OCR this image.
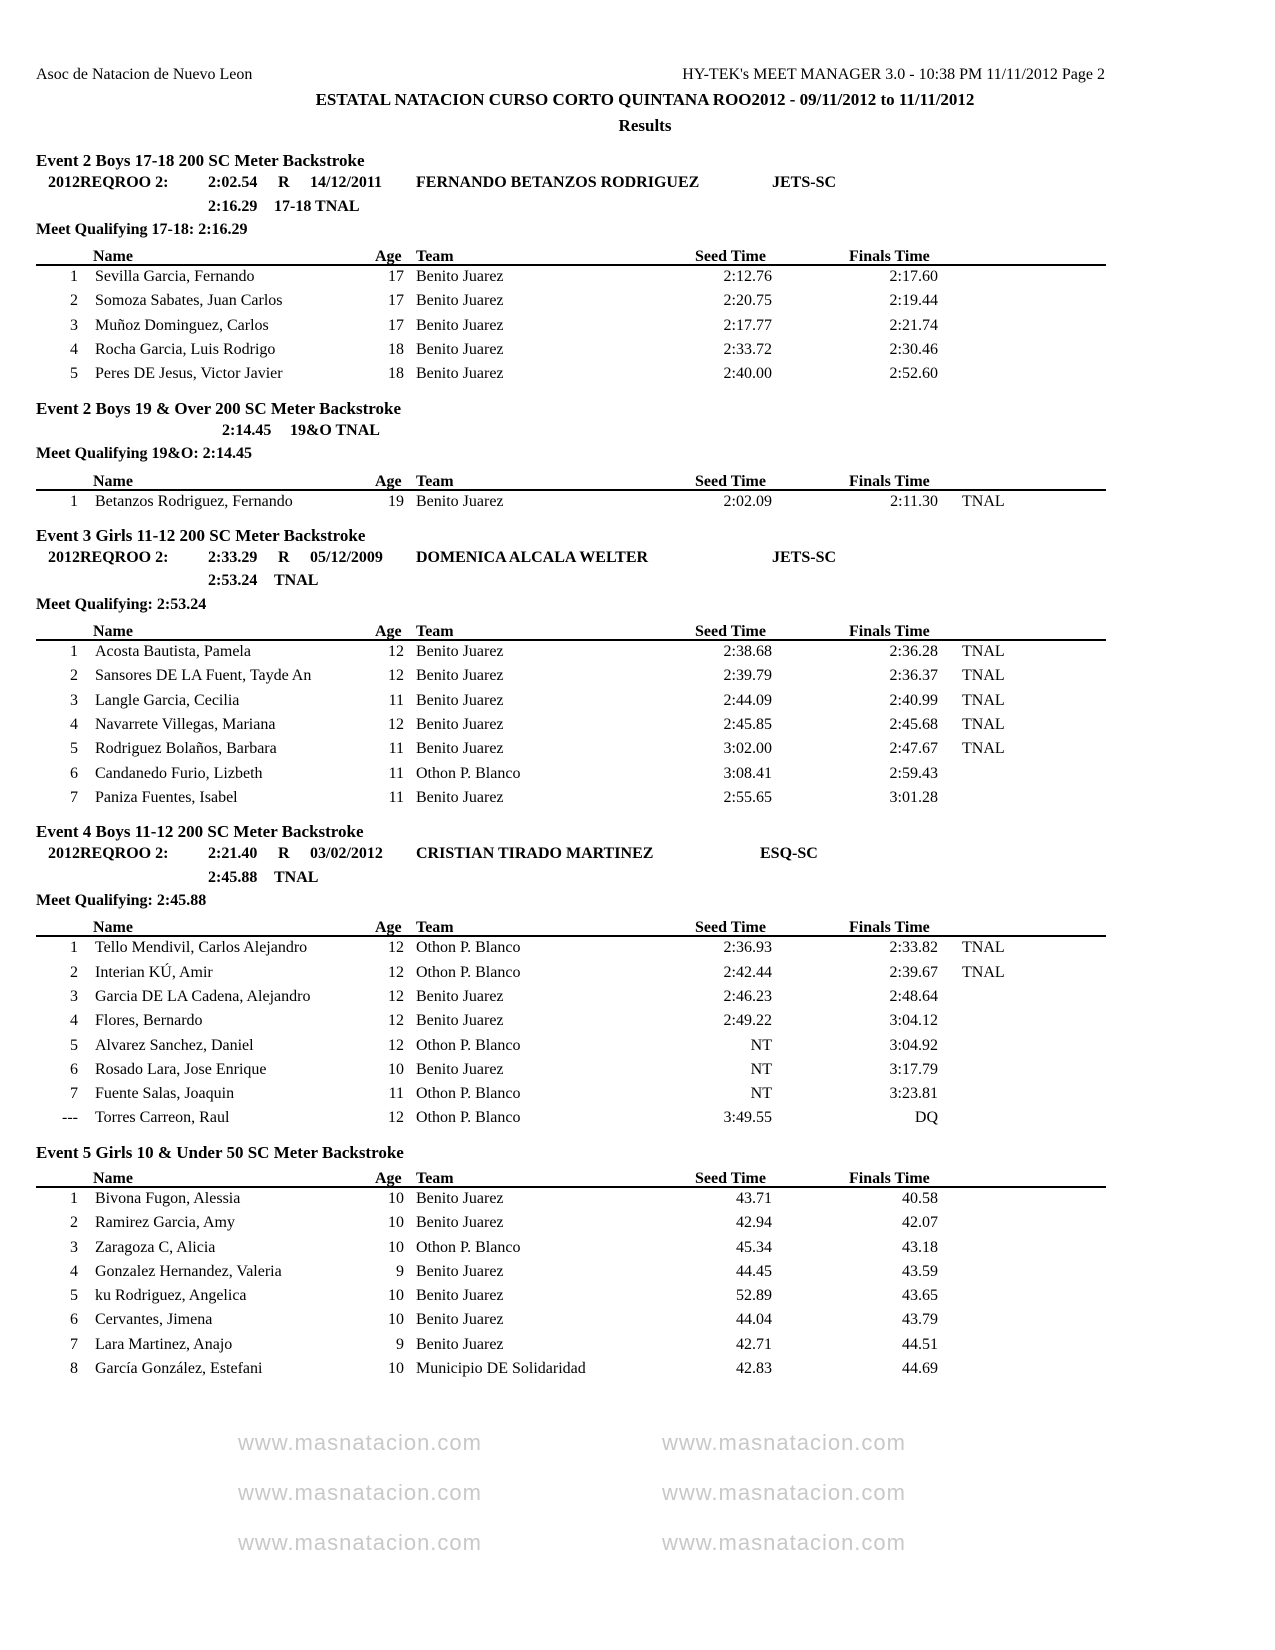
Asoc de Natacion de Nuevo Leon	HY-TEK's MEET MANAGER 3.0 - 10:38 PM 11/11/2012 Page 2
ESTATAL NATACION CURSO CORTO QUINTANA ROO2012 - 09/11/2012 to 11/11/2012
Results
Event 2 Boys 17-18 200 SC Meter Backstroke
2012REQROO 2: 2:02.54 R 14/12/2011 FERNANDO BETANZOS RODRIGUEZ	JETS-SC
2:16.29 17-18 TNAL
Meet Qualifying 17-18: 2:16.29
Name	Age Team	Seed Time	Finals Time
1 Sevilla Garcia, Fernando	17 Benito Juarez	2:12.76	2:17.60
2 Somoza Sabates, Juan Carlos	17 Benito Juarez	2:20.75	2:19.44
3 Muñoz Dominguez, Carlos	17 Benito Juarez	2:17.77	2:21.74
4 Rocha Garcia, Luis Rodrigo	18 Benito Juarez	2:33.72	2:30.46
5 Peres DE Jesus, Victor Javier	18 Benito Juarez	2:40.00	2:52.60
Event 2 Boys 19 & Over 200 SC Meter Backstroke
2:14.45 19&O TNAL
Meet Qualifying 19&O: 2:14.45
Name	Age Team	Seed Time	Finals Time
1 Betanzos Rodriguez, Fernando	19 Benito Juarez	2:02.09	2:11.30 TNAL
Event 3 Girls 11-12 200 SC Meter Backstroke
2012REQROO 2: 2:33.29 R 05/12/2009 DOMENICA ALCALA WELTER	JETS-SC
2:53.24 TNAL
Meet Qualifying: 2:53.24
Name	Age Team	Seed Time	Finals Time
1 Acosta Bautista, Pamela	12 Benito Juarez	2:38.68	2:36.28 TNAL
2 Sansores DE LA Fuent, Tayde An	12 Benito Juarez	2:39.79	2:36.37 TNAL
3 Langle Garcia, Cecilia	11 Benito Juarez	2:44.09	2:40.99 TNAL
4 Navarrete Villegas, Mariana	12 Benito Juarez	2:45.85	2:45.68 TNAL
5 Rodriguez Bolaños, Barbara	11 Benito Juarez	3:02.00	2:47.67 TNAL
6 Candanedo Furio, Lizbeth	11 Othon P. Blanco	3:08.41	2:59.43
7 Paniza Fuentes, Isabel	11 Benito Juarez	2:55.65	3:01.28
Event 4 Boys 11-12 200 SC Meter Backstroke
2012REQROO 2: 2:21.40 R 03/02/2012 CRISTIAN TIRADO MARTINEZ	ESQ-SC
2:45.88 TNAL
Meet Qualifying: 2:45.88
Name	Age Team	Seed Time	Finals Time
1 Tello Mendivil, Carlos Alejandro	12 Othon P. Blanco	2:36.93	2:33.82 TNAL
2 Interian KÚ, Amir	12 Othon P. Blanco	2:42.44	2:39.67 TNAL
3 Garcia DE LA Cadena, Alejandro	12 Benito Juarez	2:46.23	2:48.64
4 Flores, Bernardo	12 Benito Juarez	2:49.22	3:04.12
5 Alvarez Sanchez, Daniel	12 Othon P. Blanco	NT	3:04.92
6 Rosado Lara, Jose Enrique	10 Benito Juarez	NT	3:17.79
7 Fuente Salas, Joaquin	11 Othon P. Blanco	NT	3:23.81
--- Torres Carreon, Raul	12 Othon P. Blanco	3:49.55	DQ
Event 5 Girls 10 & Under 50 SC Meter Backstroke
Name	Age Team	Seed Time	Finals Time
1 Bivona Fugon, Alessia	10 Benito Juarez	43.71	40.58
2 Ramirez Garcia, Amy	10 Benito Juarez	42.94	42.07
3 Zaragoza C, Alicia	10 Othon P. Blanco	45.34	43.18
4 Gonzalez Hernandez, Valeria	9 Benito Juarez	44.45	43.59
5 ku Rodriguez, Angelica	10 Benito Juarez	52.89	43.65
6 Cervantes, Jimena	10 Benito Juarez	44.04	43.79
7 Lara Martinez, Anajo	9 Benito Juarez	42.71	44.51
8 García González, Estefani	10 Municipio DE Solidaridad	42.83	44.69
www.masnatacion.com	www.masnatacion.com
www.masnatacion.com	www.masnatacion.com
www.masnatacion.com	www.masnatacion.com
